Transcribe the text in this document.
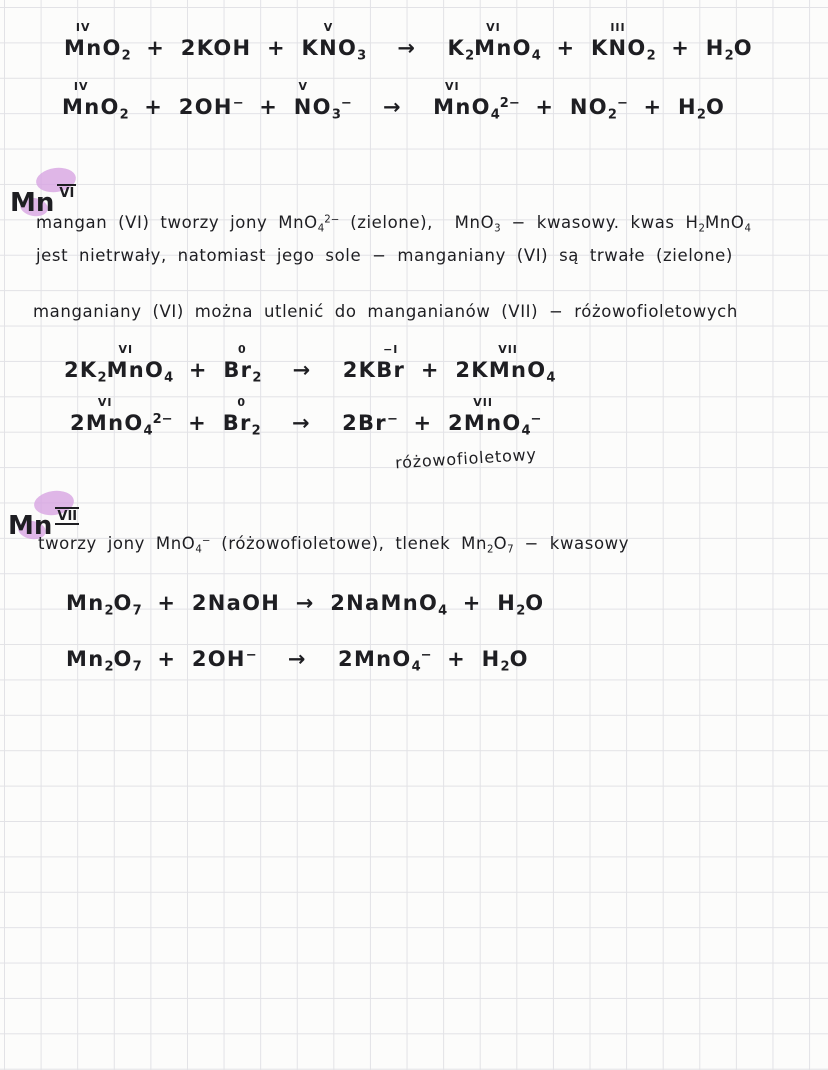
IV
MnO$_2$ + 2KOH + K
V
$NO_3 \to K_2$
VI
MnO$_4$ + K
III
$NO_2 + H_2O$
IV
MnO$_2$ + 2OH− +
V
$NO_3^-$  →
VI
$MnO_4^{2-} + NO_2^- + H_2O$
Mn VI
mangan (VI) tworzy jony MnO$_4^{2-}$ (zielone),  MnO$_3$ − kwasowy. kwas $H_2MnO_4$
jest nietrwały, natomiast jego sole − manganiany (VI) są trwałe (zielone)
manganiany (VI) można utlenić do manganianów (VII) − różowofioletowych
$2K_2$
VI
MnO$_4$ +
0
$Br_2 \to 2K$
−I
Br + 2K
VII
MnO$_4$
2
VI
MnO$_4^{2-}$ +
0
$Br_2 \to 2Br^- + 2$
VII
MnO$_4$−
różowofioletowy
Mn VII
tworzy jony MnO$_4$− (różowofioletowe), tlenek $Mn_2O_7$ − kwasowy
$Mn_2O_7$ + 2NaOH → 2NaMnO$_4$ + $H_2O$
$Mn_2O_7 + 2OH^- \to 2MnO_4^- + H_2O$
